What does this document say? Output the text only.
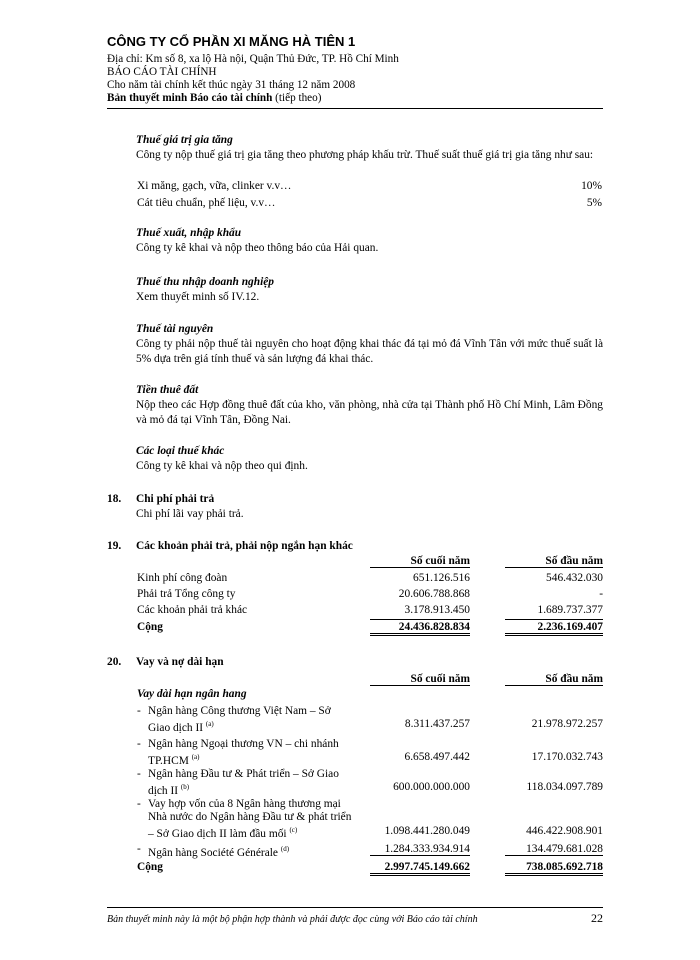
CÔNG TY CỔ PHẦN XI MĂNG HÀ TIÊN 1
Địa chỉ: Km số 8, xa lộ Hà nội, Quận Thủ Đức, TP. Hồ Chí Minh
BÁO CÁO TÀI CHÍNH
Cho năm tài chính kết thúc ngày 31 tháng 12 năm 2008
Bản thuyết minh Báo cáo tài chính (tiếp theo)
Thuế giá trị gia tăng
Công ty nộp thuế giá trị gia tăng theo phương pháp khấu trừ. Thuế suất thuế giá trị gia tăng như sau:
Xi măng, gạch, vữa, clinker v.v…	10%
Cát tiêu chuẩn, phế liệu, v.v…	5%
Thuế xuất, nhập khẩu
Công ty kê khai và nộp theo thông báo của Hải quan.
Thuế thu nhập doanh nghiệp
Xem thuyết minh số IV.12.
Thuế tài nguyên
Công ty phải nộp thuế tài nguyên cho hoạt động khai thác đá tại mỏ đá Vĩnh Tân với mức thuế suất là 5% dựa trên giá tính thuế và sản lượng đá khai thác.
Tiền thuê đất
Nộp theo các Hợp đồng thuê đất của kho, văn phòng, nhà cửa tại Thành phố Hồ Chí Minh, Lâm Đồng và mỏ đá tại Vĩnh Tân, Đồng Nai.
Các loại thuế khác
Công ty kê khai và nộp theo qui định.
18. Chi phí phải trả
Chi phí lãi vay phải trả.
19. Các khoản phải trả, phải nộp ngắn hạn khác
Số cuối năm	Số đầu năm
Kinh phí công đoàn	651.126.516	546.432.030
Phải trả Tổng công ty	20.606.788.868	-
Các khoản phải trả khác	3.178.913.450	1.689.737.377
Cộng	24.436.828.834	2.236.169.407
20. Vay và nợ dài hạn
Số cuối năm	Số đầu năm
Vay dài hạn ngân hang
- Ngân hàng Công thương Việt Nam – Sở
Giao dịch II $^{(a)}$	8.311.437.257	21.978.972.257
- Ngân hàng Ngoại thương VN – chi nhánh
TP.HCM $^{(a)}$	6.658.497.442	17.170.032.743
- Ngân hàng Đầu tư & Phát triển – Sở Giao
dịch II $^{(b)}$	600.000.000.000	118.034.097.789
- Vay hợp vốn của 8 Ngân hàng thương mại
Nhà nước do Ngân hàng Đầu tư & phát triển
– Sở Giao dịch II làm đầu mối $^{(c)}$	1.098.441.280.049	446.422.908.901
- Ngân hàng Société Générale $^{(d)}$	1.284.333.934.914	134.479.681.028
Cộng	2.997.745.149.662	738.085.692.718
Bản thuyết minh này là một bộ phận hợp thành và phải được đọc cùng với Báo cáo tài chính	22
